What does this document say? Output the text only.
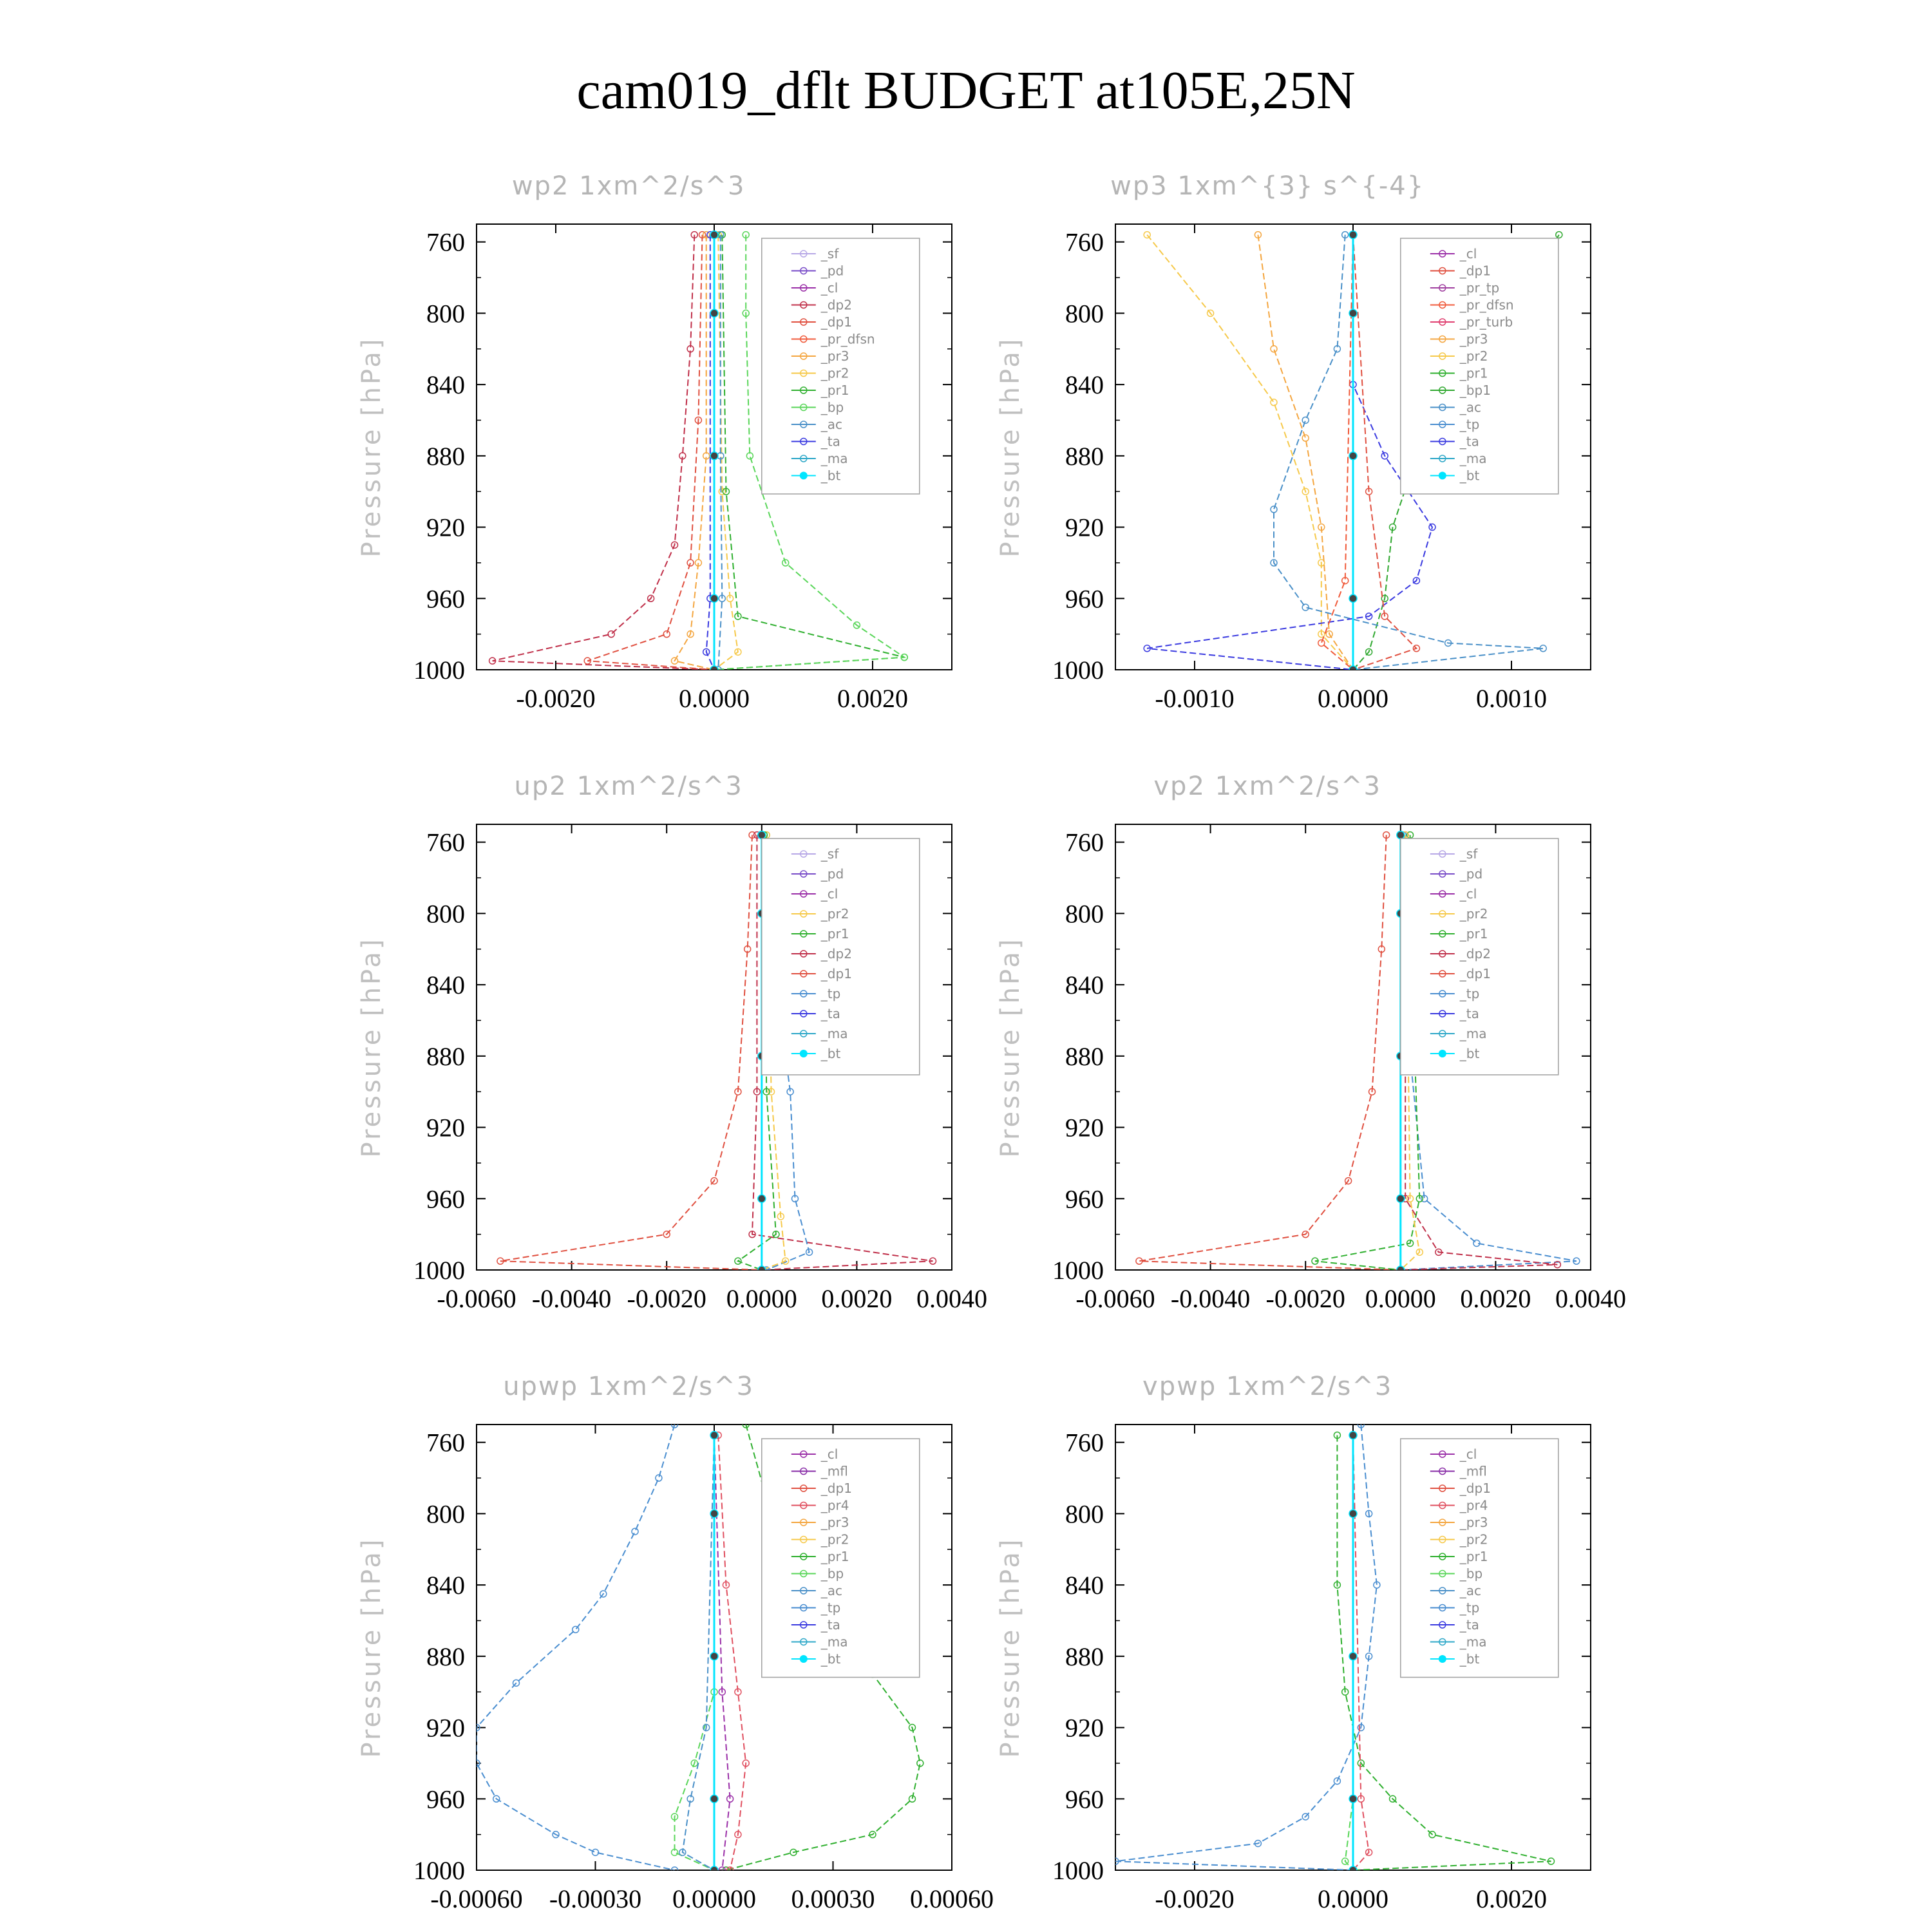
cam019_dflt BUDGET at105E,25N
wp2 1xm^2/s^3
760
800
840
880
920
960
1000
Pressure [hPa]
-0.0020	0.0000	0.0020
_sf
_pd
_cl
_dp2
_dp1
_pr_dfsn
_pr3
_pr2
_pr1
_bp
_ac
_ta
_ma
_bt
wp3 1xm^{3} s^{-4}
760
800
840
880
920
960
1000
Pressure [hPa]
-0.0010	0.0000	0.0010
_cl
_dp1
_pr_tp
_pr_dfsn
_pr_turb
_pr3
_pr2
_pr1
_bp1
_ac
_tp
_ta
_ma
_bt
up2 1xm^2/s^3
760
800
840
880
920
960
1000
Pressure [hPa]
-0.0060 -0.0040 -0.0020 0.0000 0.0020 0.0040
_sf
_pd
_cl
_pr2
_pr1
_dp2
_dp1
_tp
_ta
_ma
_bt
vp2 1xm^2/s^3
760
800
840
880
920
960
1000
Pressure [hPa]
-0.0060 -0.0040 -0.0020 0.0000 0.0020 0.0040
_sf
_pd
_cl
_pr2
_pr1
_dp2
_dp1
_tp
_ta
_ma
_bt
upwp 1xm^2/s^3
760
800
840
880
920
960
1000
Pressure [hPa]
-0.00060 -0.00030 0.00000 0.00030 0.00060
_cl
_mfl
_dp1
_pr4
_pr3
_pr2
_pr1
_bp
_ac
_tp
_ta
_ma
_bt
vpwp 1xm^2/s^3
760
800
840
880
920
960
1000
Pressure [hPa]
-0.0020	0.0000	0.0020
_cl
_mfl
_dp1
_pr4
_pr3
_pr2
_pr1
_bp
_ac
_tp
_ta
_ma
_bt
